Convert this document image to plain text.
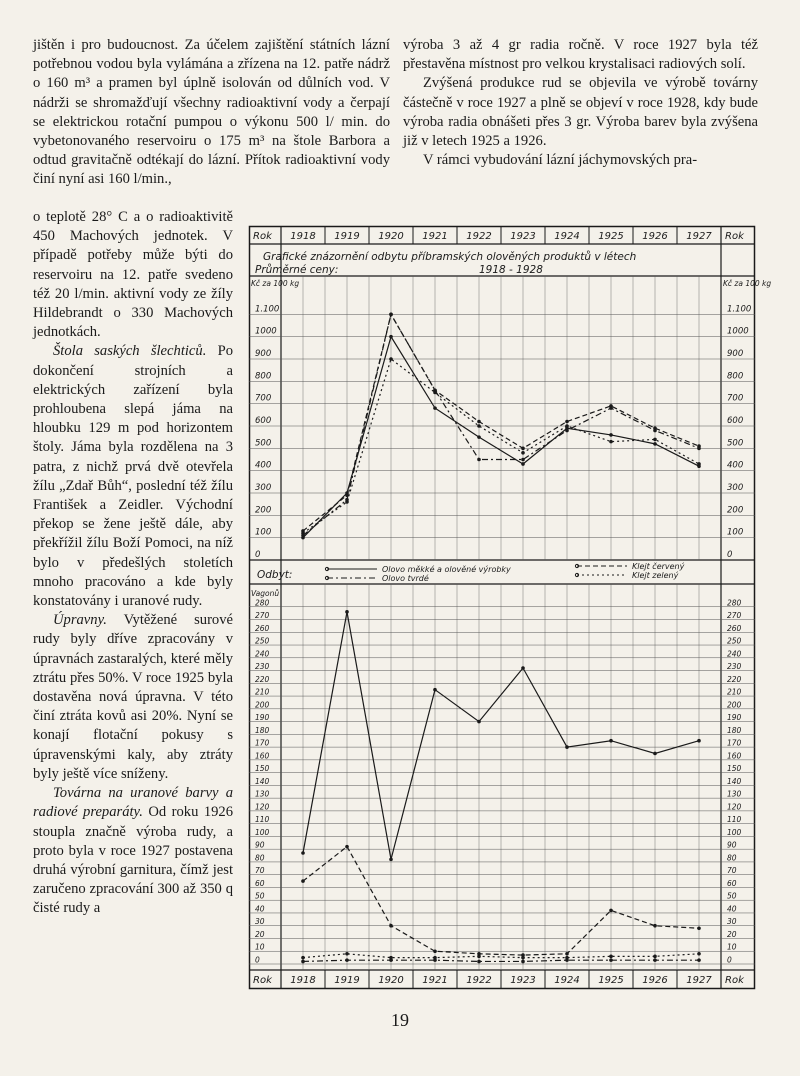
jištěn i pro budoucnost. Za účelem zajištění státních lázní potřebnou vodou byla vylámána a zřízena na 12. patře nádrž o 160 m³ a pramen byl úplně isolován od důlních vod. V nádrži se shromažďují všechny radioaktivní vody a čerpají se elektrickou rotační pumpou o výkonu 500 l/ min. do vybetonovaného reservoiru o 175 m³ na štole Barbora a odtud gravitačně odtékají do lázní. Přítok radioaktivní vody činí nyní asi 160 l/min.,

o teplotě 28° C a o radioaktivitě 450 Machových jednotek. V případě potřeby může býti do reservoiru na 12. patře svedeno též 20 l/min. aktivní vody ze žíly Hildebrandt o 330 Machových jednotkách.

Štola saských šlechticů. Po dokončení strojních a elektrických zařízení byla prohloubena slepá jáma na hloubku 129 m pod horizontem štoly. Jáma byla rozdělena na 3 patra, z nichž prvá dvě otevřela žílu „Zdař Bůh“, poslední též žílu František a Zeidler. Východní překop se žene ještě dále, aby překřížil žílu Boží Pomoci, na níž bylo v předešlých stoletích mnoho pracováno a kde byly konstatovány i uranové rudy.

Úpravny. Vytěžené surové rudy byly dříve zpracovány v úpravnách zastaralých, které měly ztrátu přes 50%. V roce 1925 byla dostavěna nová úpravna. V této činí ztráta kovů asi 20%. Nyní se konají flotační pokusy s úpravenskými kaly, aby ztráty byly ještě více sníženy.

Továrna na uranové barvy a radiové preparáty. Od roku 1926 stoupla značně výroba rudy, a proto byla v roce 1927 postavena druhá výrobní garnitura, čímž jest zaručeno zpracování 300 až 350 q čisté rudy a

výroba 3 až 4 gr radia ročně. V roce 1927 byla též přestavěna místnost pro velkou krystalisaci radiových solí.

Zvýšená produkce rud se objevila ve výrobě továrny částečně v roce 1927 a plně se objeví v roce 1928, kdy bude výroba radia obnášeti přes 3 gr. Výroba barev byla zvýšena již v letech 1925 a 1926.

V rámci vybudování lázní jáchymovských pra-

1918
1918
1919
1919
1920
1920
1921
1921
1922
1922
1923
1923
1924
1924
1925
1925
1926
1926
1927
1927
Rok	Rok
Rok	Rok
Grafické znázornění odbytu příbramských olověných produktů v létech
1918 - 1928
Průměrné ceny:
Kč za 100 kg	Kč za 100 kg
0
100
200
300
400
500
600
700
800
900
1000
1.100
0
100
200
300
400
500
600
700
800
900
1000
1.100
Odbyt:	Olovo měkké a olověné výrobky
Olovo tvrdé
Klejt červený
Klejt zelený
Vagonů
0
10
20
30
40
50
60
70
80
90
100
110
120
130
140
150
160
170
180
190
200
210
220
230
240
250
260
270
280
0
10
20
30
40
50
60
70
80
90
100
110
120
130
140
150
160
170
180
190
200
210
220
230
240
250
260
270
280
19
